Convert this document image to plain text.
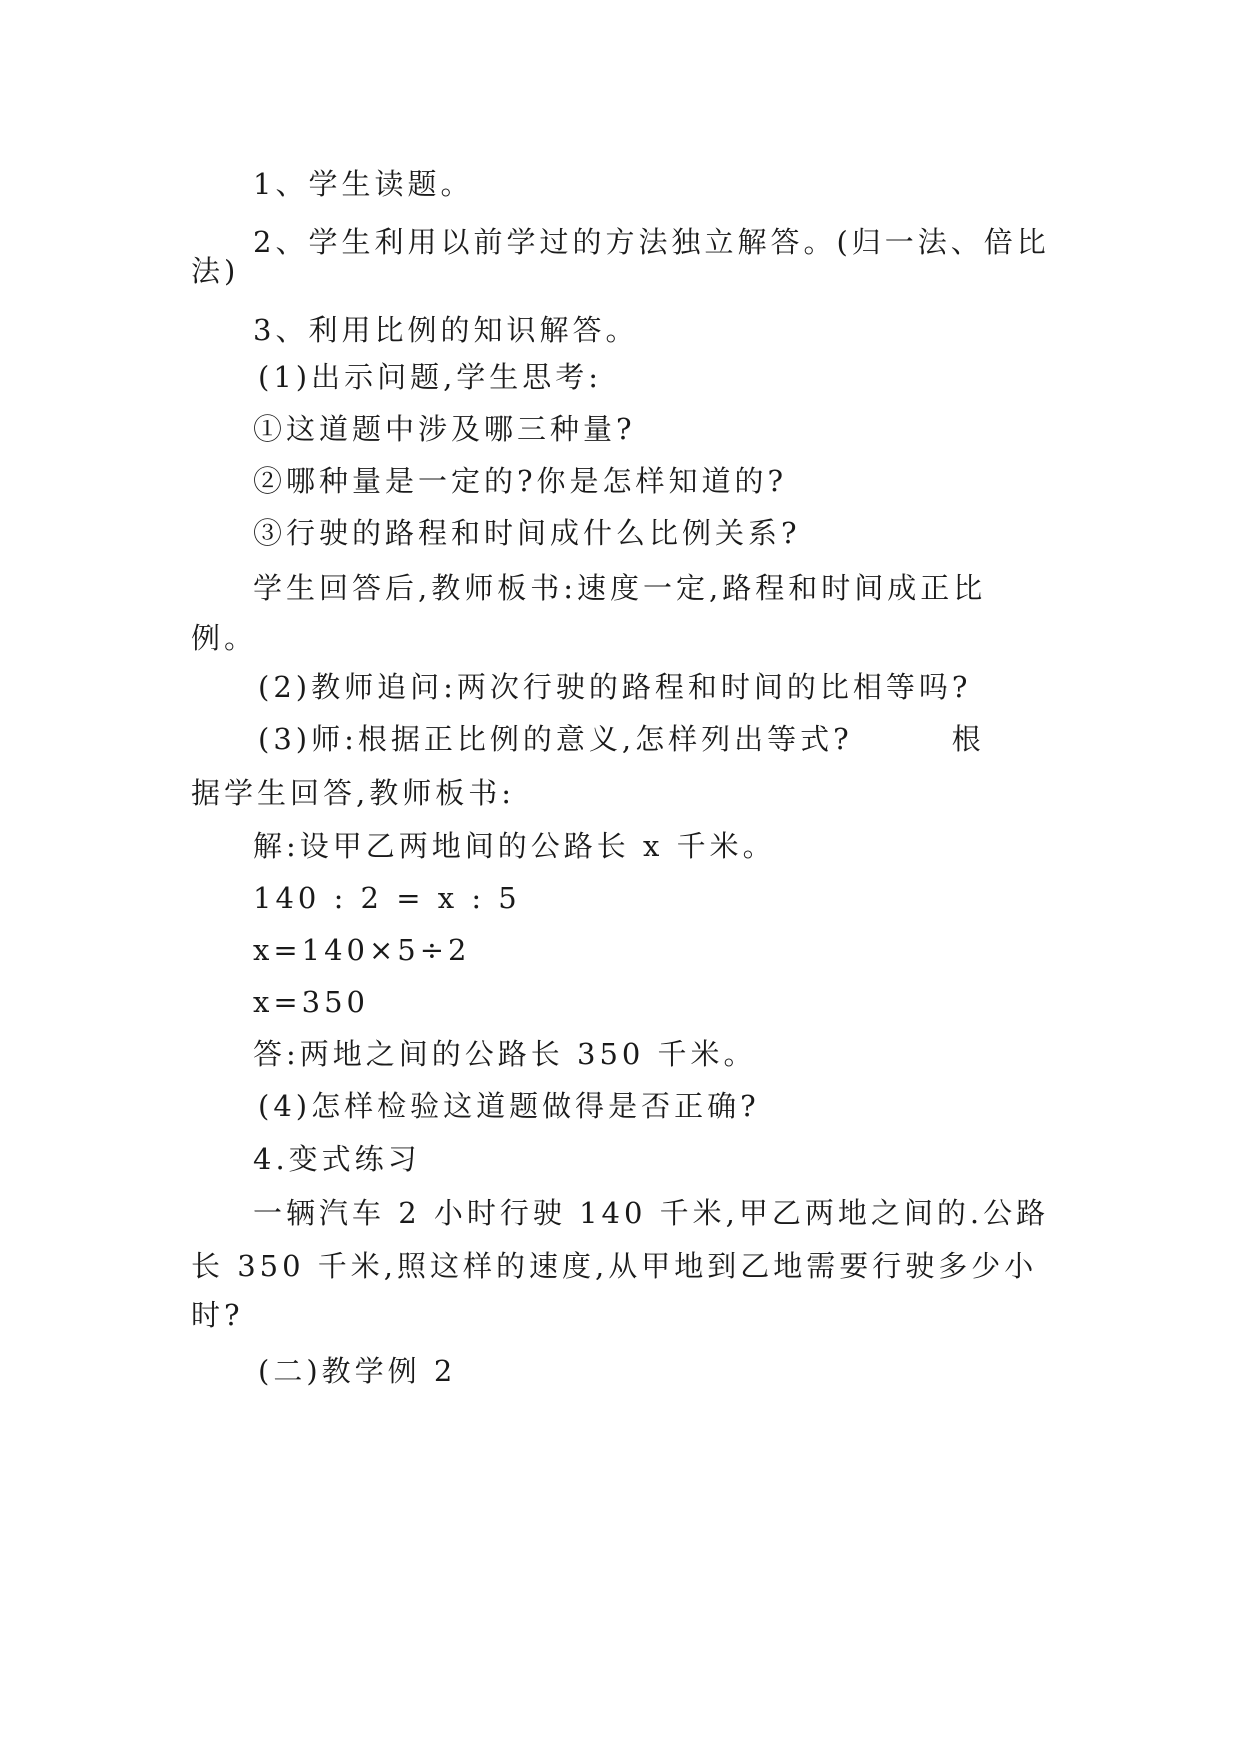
1、学生读题。
2、学生利用以前学过的方法独立解答。(归一法、倍比
法)
3、利用比例的知识解答。
(1)出示问题,学生思考:
①这道题中涉及哪三种量?
②哪种量是一定的?你是怎样知道的?
③行驶的路程和时间成什么比例关系?
学生回答后,教师板书:速度一定,路程和时间成正比
例。
(2)教师追问:两次行驶的路程和时间的比相等吗?
(3)师:根据正比例的意义,怎样列出等式?　　　根
据学生回答,教师板书:
解:设甲乙两地间的公路长 x 千米。
140 : 2 = x : 5
x=140×5÷2
x=350
答:两地之间的公路长 350 千米。
(4)怎样检验这道题做得是否正确?
4.变式练习
一辆汽车 2 小时行驶 140 千米,甲乙两地之间的.公路
长 350 千米,照这样的速度,从甲地到乙地需要行驶多少小
时?
(二)教学例 2
